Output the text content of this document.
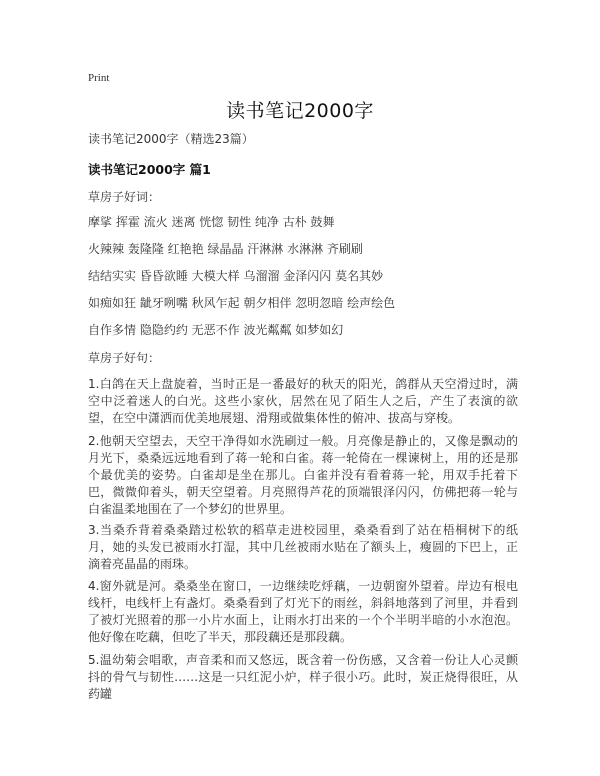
Print
读书笔记2000字
读书笔记2000字（精选23篇）
读书笔记2000字 篇1
草房子好词：
摩挲 挥霍 流火 迷离 恍惚 韧性 纯净 古朴 鼓舞
火辣辣 轰隆隆 红艳艳 绿晶晶 汗淋淋 水淋淋 齐刷刷
结结实实 昏昏欲睡 大模大样 乌溜溜 金泽闪闪 莫名其妙
如痴如狂 龇牙咧嘴 秋风乍起 朝夕相伴 忽明忽暗 绘声绘色
自作多情 隐隐约约 无恶不作 波光粼粼 如梦如幻
草房子好句：
1.白鸽在天上盘旋着，当时正是一番最好的秋天的阳光，鸽群从天空滑过时，满空中泛着迷人的白光。这些小家伙，居然在见了陌生人之后，产生了表演的欲望，在空中潇洒而优美地展翅、滑翔或做集体性的俯冲、拔高与穿梭。
2.他朝天空望去，天空干净得如水洗刷过一般。月亮像是静止的，又像是飘动的月光下，桑桑远远地看到了蒋一轮和白雀。蒋一轮倚在一棵谏树上，用的还是那个最优美的姿势。白雀却是坐在那儿。白雀并没有看着蒋一轮，用双手托着下巴，微微仰着头，朝天空望着。月亮照得芦花的顶端银泽闪闪，仿佛把蒋一轮与白雀温柔地围在了一个梦幻的世界里。
3.当桑乔背着桑桑踏过松软的稻草走进校园里，桑桑看到了站在梧桐树下的纸月，她的头发已被雨水打湿，其中几丝被雨水贴在了额头上，瘦圆的下巴上，正滴着亮晶晶的雨珠。
4.窗外就是河。桑桑坐在窗口，一边继续吃烀藕，一边朝窗外望着。岸边有根电线杆，电线杆上有盏灯。桑桑看到了灯光下的雨丝，斜斜地落到了河里，并看到了被灯光照着的那一小片水面上，让雨水打出来的一个个半明半暗的小水泡泡。他好像在吃藕，但吃了半天，那段藕还是那段藕。
5.温幼菊会唱歌，声音柔和而又悠远，既含着一份伤感，又含着一份让人心灵颤抖的骨气与韧性……这是一只红泥小炉，样子很小巧。此时，炭正烧得很旺，从药罐
